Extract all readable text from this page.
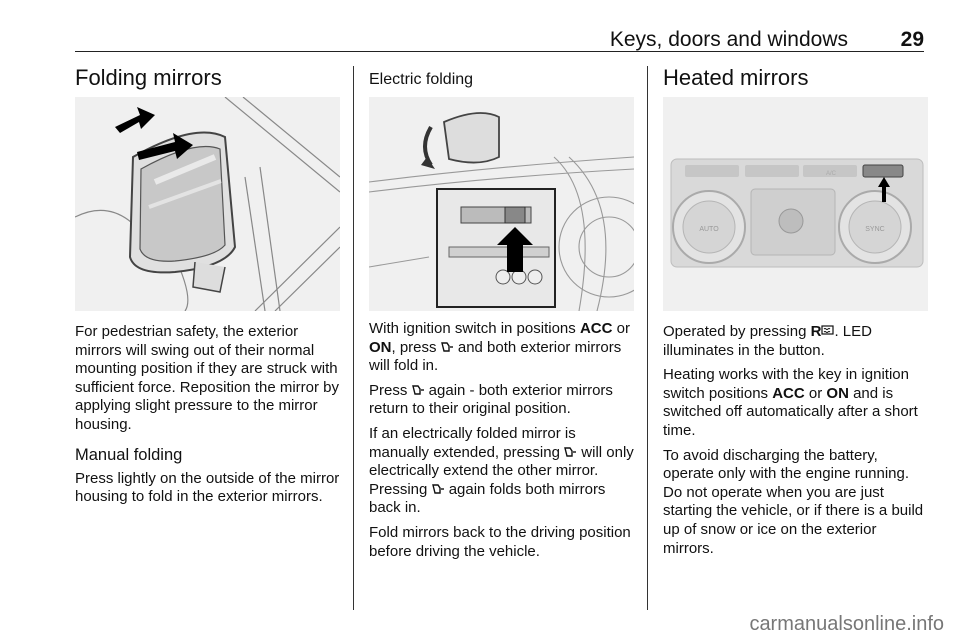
Keys, doors and windows	29
Folding mirrors

For pedestrian safety, the exterior mirrors will swing out of their normal mounting position if they are struck with sufficient force. Reposition the mirror by applying slight pressure to the mirror housing.

Manual folding

Press lightly on the outside of the mirror housing to fold in the exterior mirrors.

Electric folding

With ignition switch in positions ACC or ON, press  and both exterior mirrors will fold in.

Press  again - both exterior mirrors return to their original position.

If an electrically folded mirror is manually extended, pressing  will only electrically extend the other mirror. Pressing  again folds both mirrors back in.

Fold mirrors back to the driving position before driving the vehicle.

Heated mirrors
AUTO	SYNC
A/C

Operated by pressing R . LED illuminates in the button.

Heating works with the key in ignition switch positions ACC or ON and is switched off automatically after a short time.

To avoid discharging the battery, operate only with the engine running. Do not operate when you are just starting the vehicle, or if there is a build up of snow or ice on the exterior mirrors.

carmanualsonline.info
